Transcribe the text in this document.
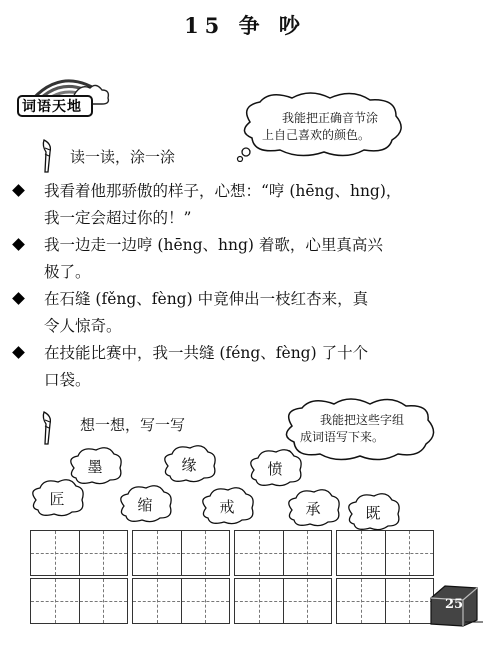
15 争 吵
词语天地
我能把正确音节涂
上自己喜欢的颜色。
读一读，涂一涂
我看着他那骄傲的样子，心想：“哼 (hēng、hng)，
我一定会超过你的！”
我一边走一边哼 (hēng、hng) 着歌，心里真高兴
极了。
在石缝 (fěng、fèng) 中竟伸出一枝红杏来，真
令人惊奇。
在技能比赛中，我一共缝 (féng、fèng) 了十个
口袋。
想一想，写一写	我能把这些字组
成词语写下来。
墨	缘	愤
匠	缩	戒	承	既
25
